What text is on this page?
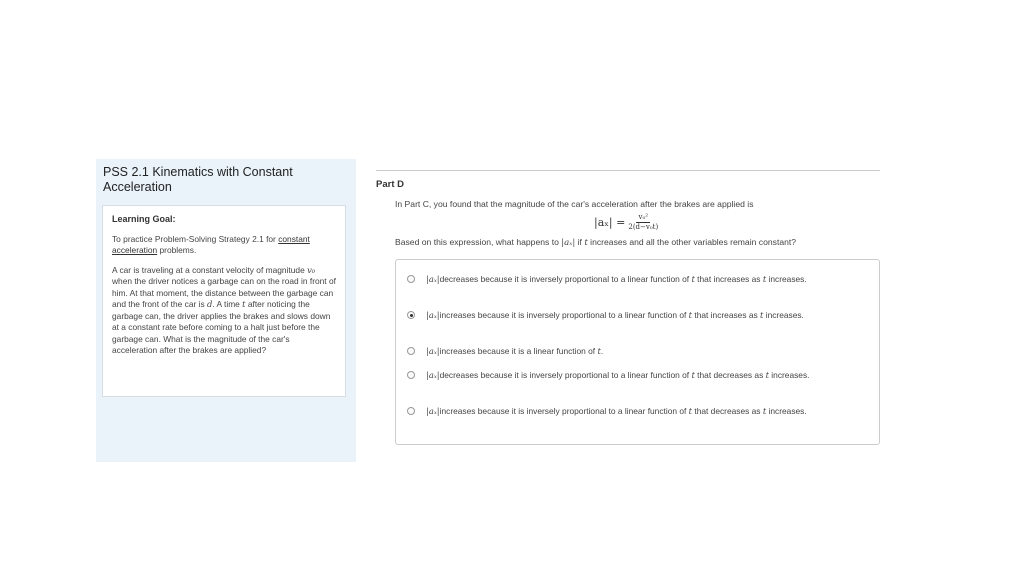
PSS 2.1 Kinematics with Constant Acceleration
Learning Goal:
To practice Problem-Solving Strategy 2.1 for constant acceleration problems.
A car is traveling at a constant velocity of magnitude v₀ when the driver notices a garbage can on the road in front of him. At that moment, the distance between the garbage can and the front of the car is d. A time t after noticing the garbage can, the driver applies the brakes and slows down at a constant rate before coming to a halt just before the garbage can. What is the magnitude of the car's acceleration after the brakes are applied?
Part D
In Part C, you found that the magnitude of the car's acceleration after the brakes are applied is
$|a_x| = \frac{\text{v₀²}}{\text{2(d−v₀t)}}$
Based on this expression, what happens to |aₓ| if t increases and all the other variables remain constant?
|aₓ|decreases because it is inversely proportional to a linear function of t that increases as t increases.
|aₓ|increases because it is inversely proportional to a linear function of t that increases as t increases.
|aₓ|increases because it is a linear function of t.
|aₓ|decreases because it is inversely proportional to a linear function of t that decreases as t increases.
|aₓ|increases because it is inversely proportional to a linear function of t that decreases as t increases.
